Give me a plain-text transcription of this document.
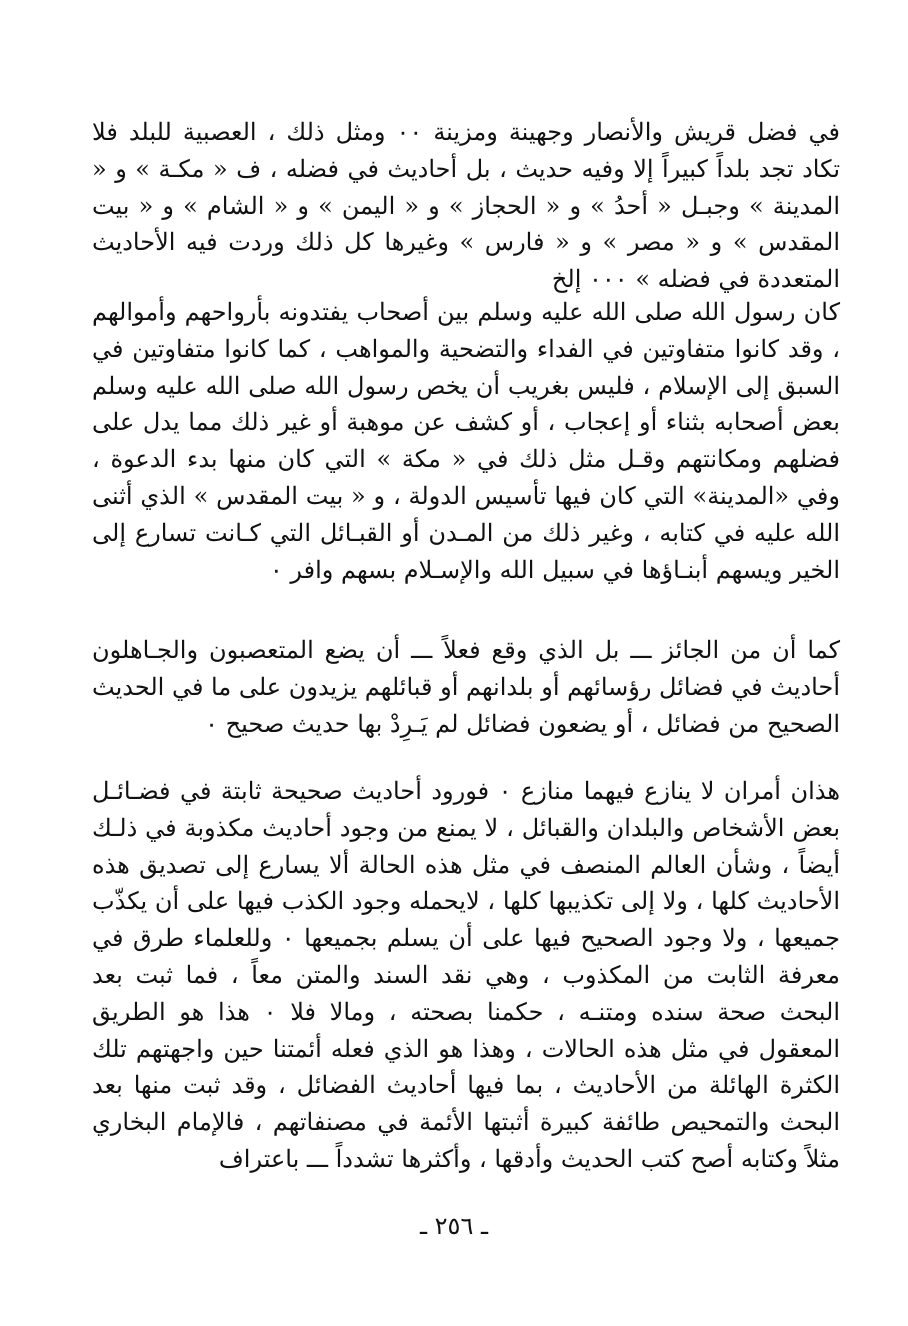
في فضل قريش والأنصار وجهينة ومزينة ٠٠ ومثل ذلك ، العصبية للبلد فلا تكاد تجد بلداً كبيراً إلا وفيه حديث ، بل أحاديث في فضله ، ف « مكـة » و « المدينة » وجبـل « أحدُ » و « الحجاز » و « اليمن » و « الشام » و « بيت المقدس » و « مصر » و « فارس » وغيرها كل ذلك وردت فيه الأحاديث المتعددة في فضله » ٠٠٠ إلخ

كان رسول الله صلى الله عليه وسلم بين أصحاب يفتدونه بأرواحهم وأموالهم ، وقد كانوا متفاوتين في الفداء والتضحية والمواهب ، كما كانوا متفاوتين في السبق إلى الإسلام ، فليس بغريب أن يخص رسول الله صلى الله عليه وسلم بعض أصحابه بثناء أو إعجاب ، أو كشف عن موهبة أو غير ذلك مما يدل على فضلهم ومكانتهم وقـل مثل ذلك في « مكة » التي كان منها بدء الدعوة ، وفي «المدينة» التي كان فيها تأسيس الدولة ، و « بيت المقدس » الذي أثنى الله عليه في كتابه ، وغير ذلك من المـدن أو القبـائل التي كـانت تسارع إلى الخير ويسهم أبنـاؤها في سبيل الله والإسـلام بسهم وافر ٠

كما أن من الجائز ـــ بل الذي وقع فعلاً ـــ أن يضع المتعصبون والجـاهلون أحاديث في فضائل رؤسائهم أو بلدانهم أو قبائلهم يزيدون على ما في الحديث الصحيح من فضائل ، أو يضعون فضائل لم يَـرِدْ بها حديث صحيح ٠

هذان أمران لا ينازع فيهما منازع ٠ فورود أحاديث صحيحة ثابتة في فضـائـل بعض الأشخاص والبلدان والقبائل ، لا يمنع من وجود أحاديث مكذوبة في ذلـك أيضاً ، وشأن العالم المنصف في مثل هذه الحالة ألا يسارع إلى تصديق هذه الأحاديث كلها ، ولا إلى تكذيبها كلها ، لايحمله وجود الكذب فيها على أن يكذّب جميعها ، ولا وجود الصحيح فيها على أن يسلم بجميعها ٠ وللعلماء طرق في معرفة الثابت من المكذوب ، وهي نقد السند والمتن معاً ، فما ثبت بعد البحث صحة سنده ومتنـه ، حكمنا بصحته ، ومالا فلا ٠ هذا هو الطريق المعقول في مثل هذه الحالات ، وهذا هو الذي فعله أئمتنا حين واجهتهم تلك الكثرة الهائلة من الأحاديث ، بما فيها أحاديث الفضائل ، وقد ثبت منها بعد البحث والتمحيص طائفة كبيرة أثبتها الأئمة في مصنفاتهم ، فالإمام البخاري مثلاً وكتابه أصح كتب الحديث وأدقها ، وأكثرها تشدداً ـــ باعتراف

ـ ٢٥٦ ـ
